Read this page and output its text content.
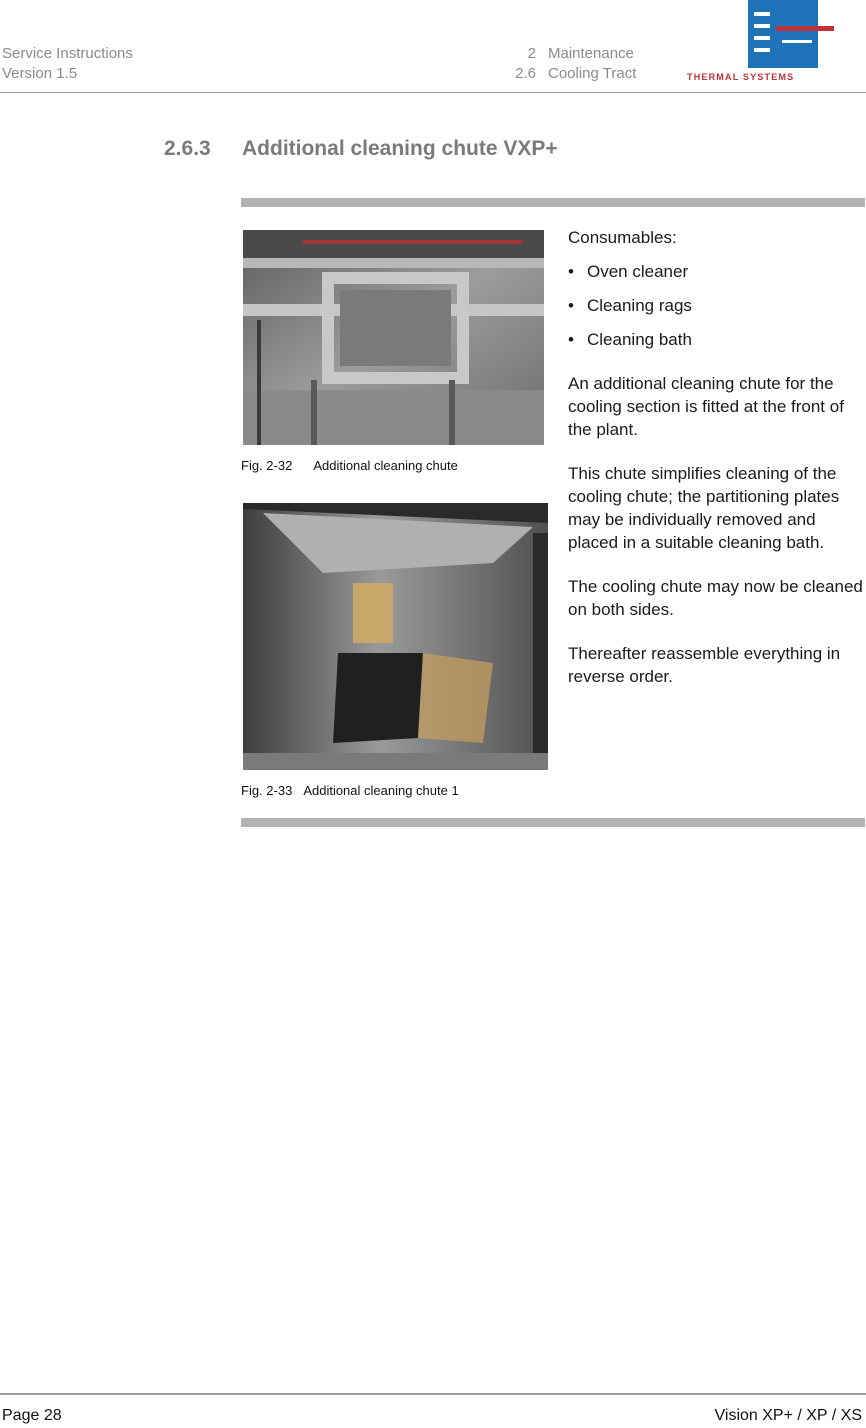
Service Instructions
Version 1.5
2
2.6
Maintenance
Cooling Tract	THERMAL SYSTEMS
2.6.3 Additional cleaning chute VXP+
Fig. 2-32 Additional cleaning chute
Fig. 2-33 Additional cleaning chute 1
Consumables:
• Oven cleaner
• Cleaning rags
• Cleaning bath

An additional cleaning chute for the cooling section is fitted at the front of the plant.

This chute simplifies cleaning of the cooling chute; the partitioning plates may be individually removed and placed in a suitable cleaning bath.

The cooling chute may now be cleaned on both sides.

Thereafter reassemble everything in reverse order.

Page 28	Vision XP+ / XP / XS
